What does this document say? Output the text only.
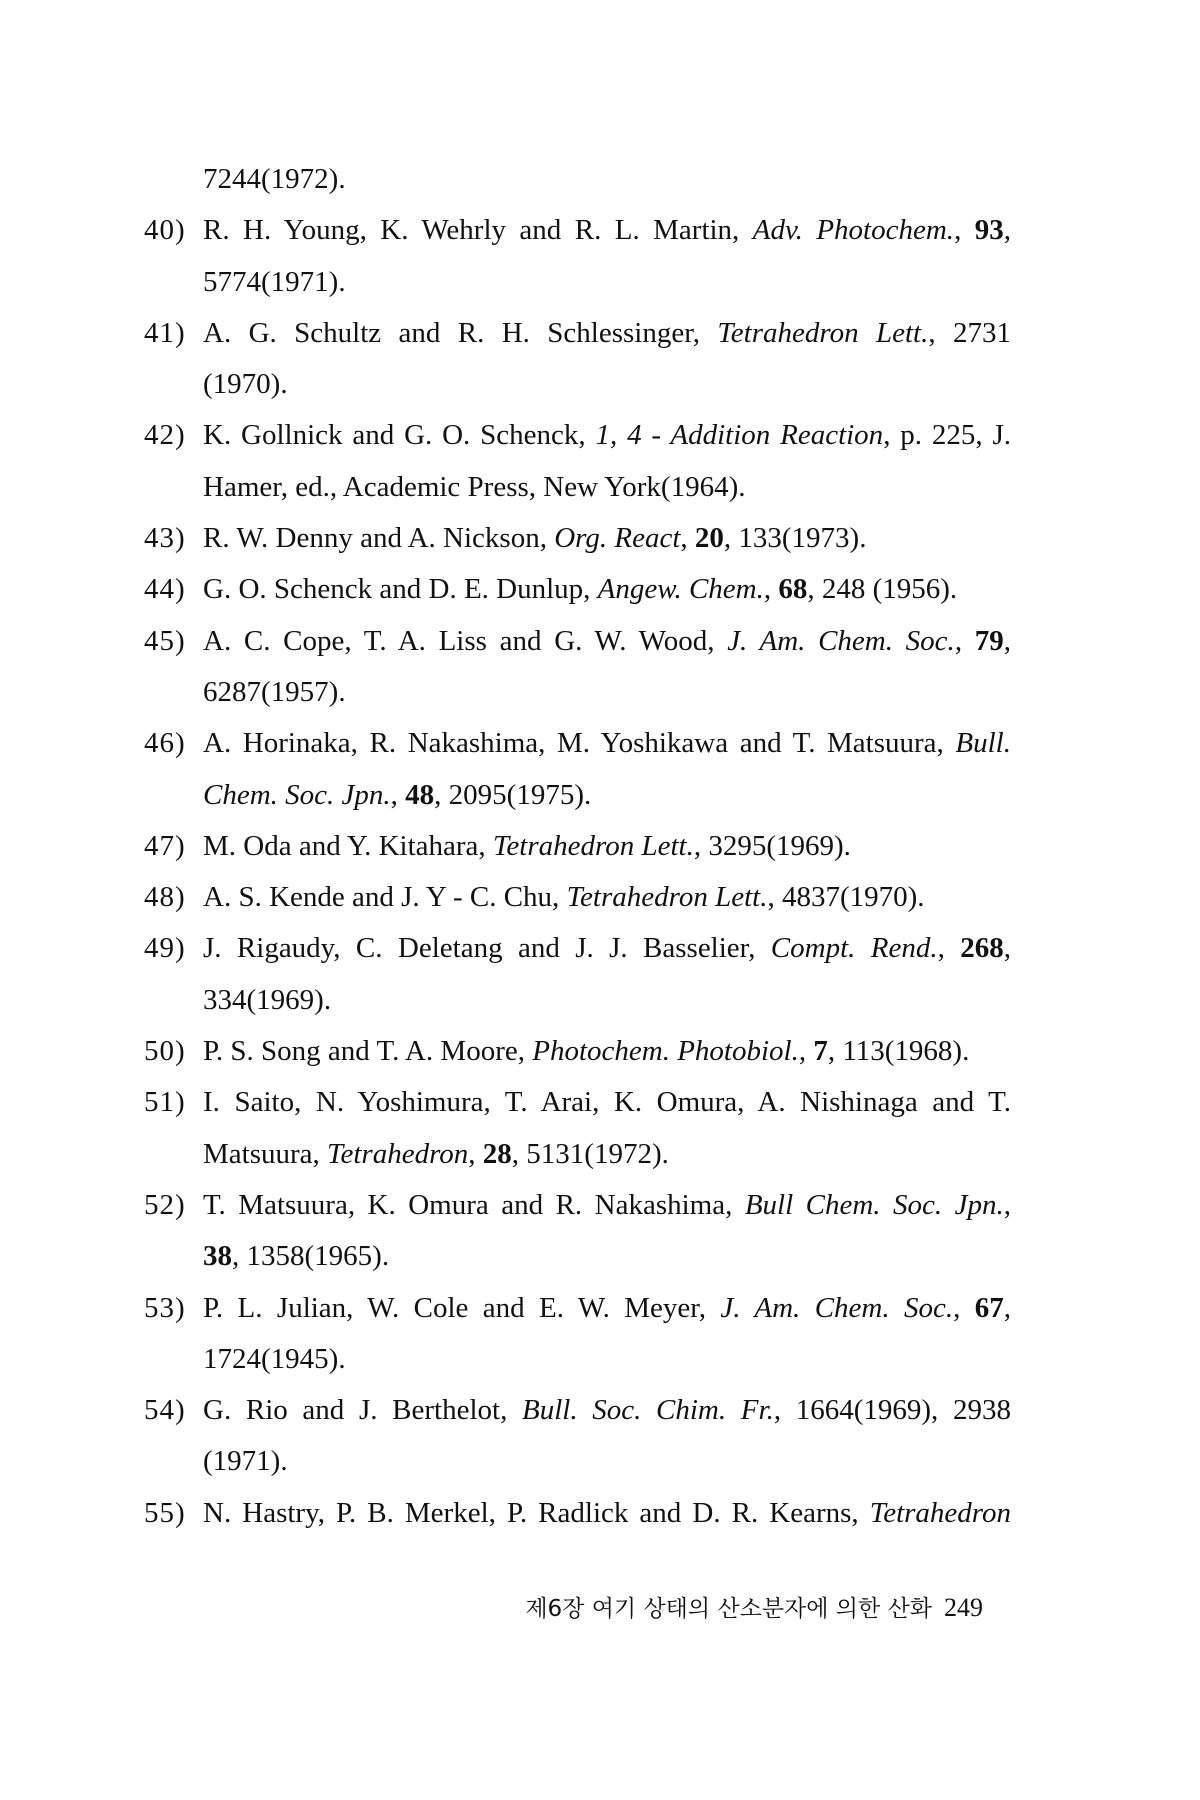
7244(1972).
40) R. H. Young, K. Wehrly and R. L. Martin, Adv. Photochem., 93,
5774(1971).
41) A. G. Schultz and R. H. Schlessinger, Tetrahedron Lett., 2731
(1970).
42) K. Gollnick and G. O. Schenck, 1, 4 - Addition Reaction, p. 225, J.
Hamer, ed., Academic Press, New York(1964).
43) R. W. Denny and A. Nickson, Org. React, 20, 133(1973).
44) G. O. Schenck and D. E. Dunlup, Angew. Chem., 68, 248 (1956).
45) A. C. Cope, T. A. Liss and G. W. Wood, J. Am. Chem. Soc., 79,
6287(1957).
46) A. Horinaka, R. Nakashima, M. Yoshikawa and T. Matsuura, Bull.
Chem. Soc. Jpn., 48, 2095(1975).
47) M. Oda and Y. Kitahara, Tetrahedron Lett., 3295(1969).
48) A. S. Kende and J. Y - C. Chu, Tetrahedron Lett., 4837(1970).
49) J. Rigaudy, C. Deletang and J. J. Basselier, Compt. Rend., 268,
334(1969).
50) P. S. Song and T. A. Moore, Photochem. Photobiol., 7, 113(1968).
51) I. Saito, N. Yoshimura, T. Arai, K. Omura, A. Nishinaga and T.
Matsuura, Tetrahedron, 28, 5131(1972).
52) T. Matsuura, K. Omura and R. Nakashima, Bull Chem. Soc. Jpn.,
38, 1358(1965).
53) P. L. Julian, W. Cole and E. W. Meyer, J. Am. Chem. Soc., 67,
1724(1945).
54) G. Rio and J. Berthelot, Bull. Soc. Chim. Fr., 1664(1969), 2938
(1971).
55) N. Hastry, P. B. Merkel, P. Radlick and D. R. Kearns, Tetrahedron
제6장 여기 상태의 산소분자에 의한 산화 249
